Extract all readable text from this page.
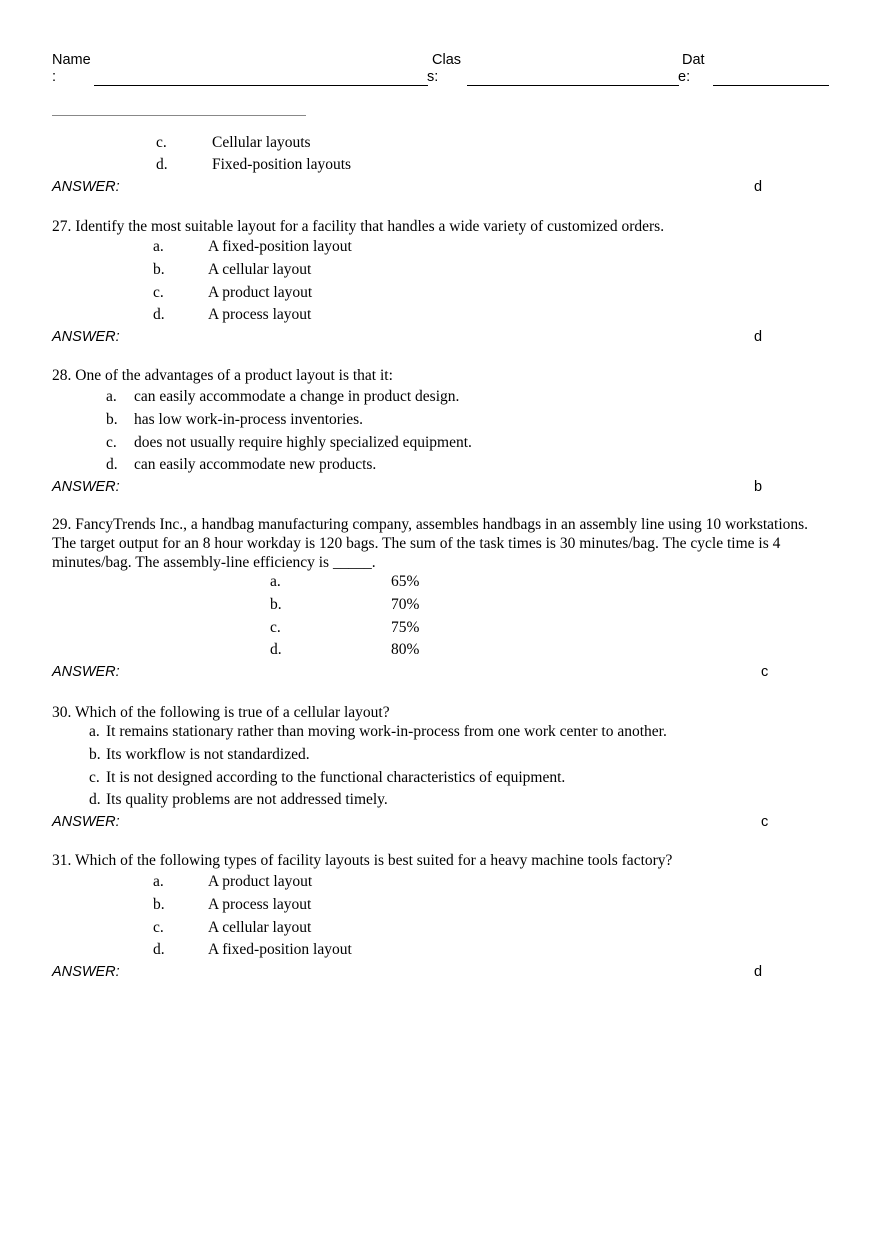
Name
:
Clas
s:
Dat
e:
c.	Cellular layouts
d.	Fixed-position layouts
ANSWER:	d
27. Identify the most suitable layout for a facility that handles a wide variety of customized orders.
a.	A fixed-position layout
b.	A cellular layout
c.	A product layout
d.	A process layout
ANSWER:	d
28. One of the advantages of a product layout is that it:
a. can easily accommodate a change in product design.
b. has low work-in-process inventories.
c. does not usually require highly specialized equipment.
d. can easily accommodate new products.
ANSWER:	b
29. FancyTrends Inc., a handbag manufacturing company, assembles handbags in an assembly line using 10 workstations.
The target output for an 8 hour workday is 120 bags. The sum of the task times is 30 minutes/bag. The cycle time is 4
minutes/bag. The assembly-line efficiency is _____.
a.	65%
b.	70%
c.	75%
d.	80%
ANSWER:	c
30. Which of the following is true of a cellular layout?
a. It remains stationary rather than moving work-in-process from one work center to another.
b. Its workflow is not standardized.
c. It is not designed according to the functional characteristics of equipment.
d. Its quality problems are not addressed timely.
ANSWER:	c
31. Which of the following types of facility layouts is best suited for a heavy machine tools factory?
a.	A product layout
b.	A process layout
c.	A cellular layout
d.	A fixed-position layout
ANSWER:	d
